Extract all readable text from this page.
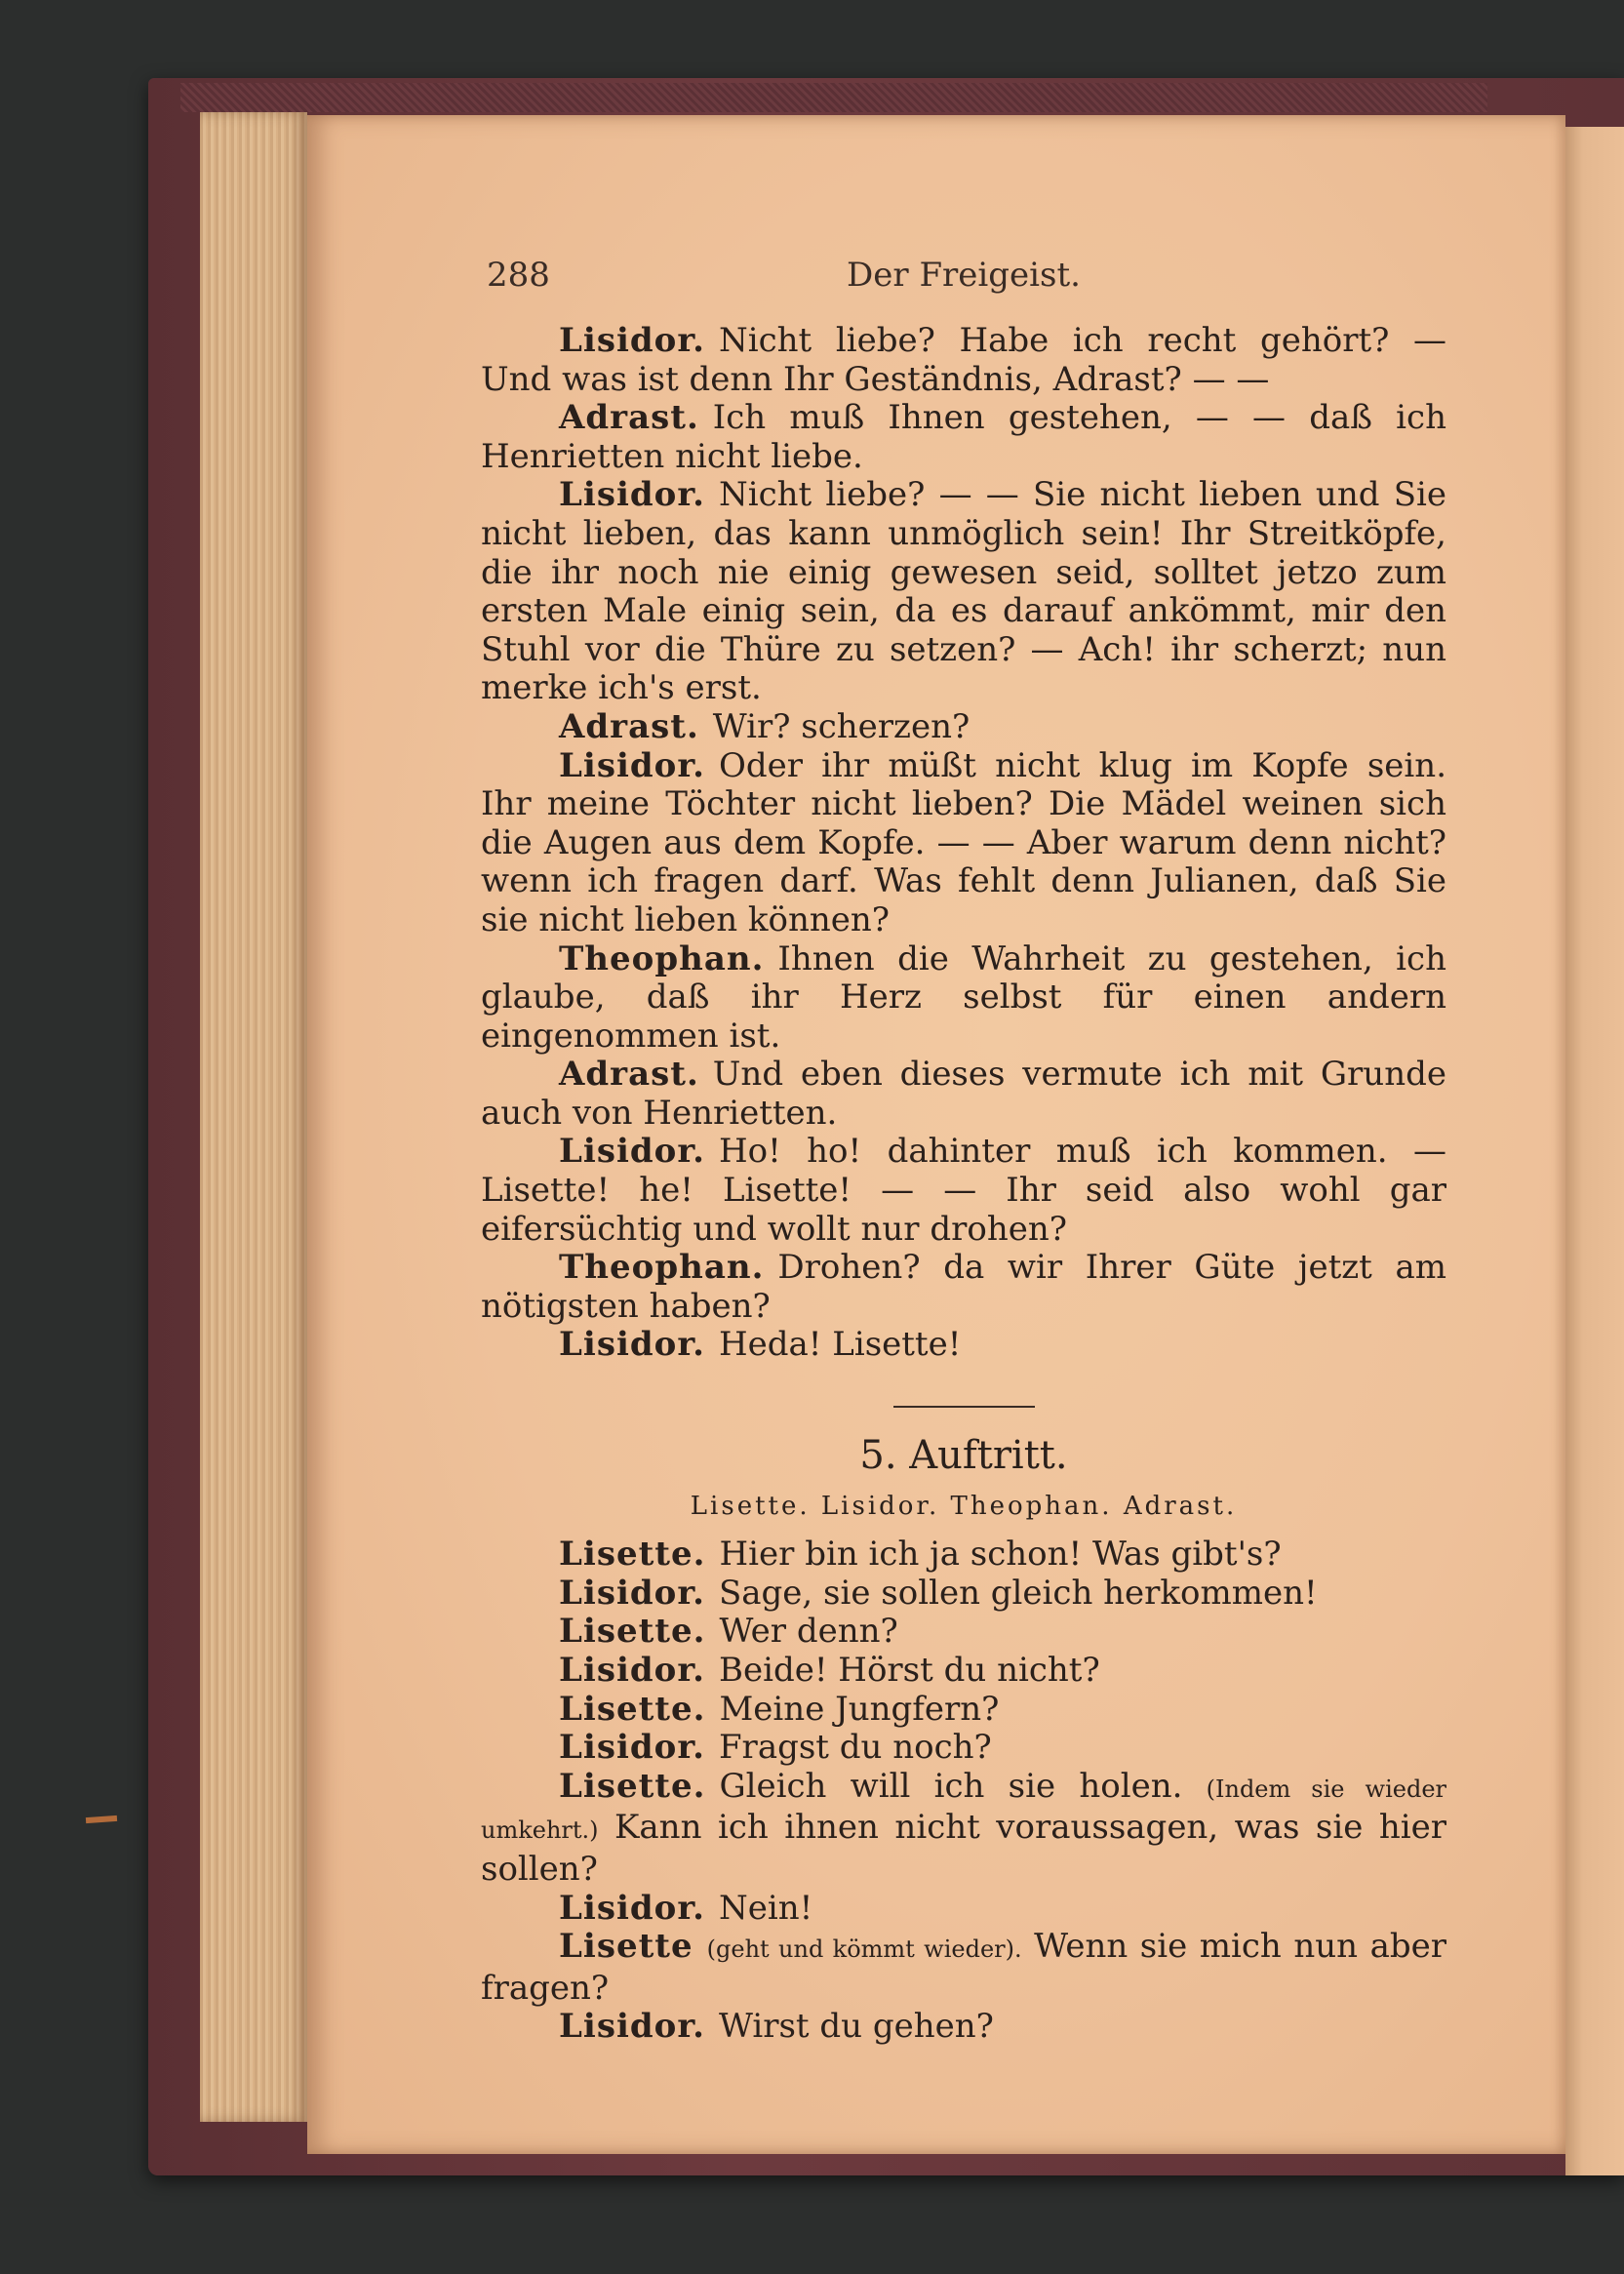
288	Der Freigeist.

Lisidor. Nicht liebe? Habe ich recht gehört? — Und was ist denn Ihr Geständnis, Adrast? — —

Adrast. Ich muß Ihnen gestehen, — — daß ich Henrietten nicht liebe.

Lisidor. Nicht liebe? — — Sie nicht lieben und Sie nicht lieben, das kann unmöglich sein! Ihr Streitköpfe, die ihr noch nie einig gewesen seid, solltet jetzo zum ersten Male einig sein, da es darauf ankömmt, mir den Stuhl vor die Thüre zu setzen? — Ach! ihr scherzt; nun merke ich's erst.

Adrast. Wir? scherzen?

Lisidor. Oder ihr müßt nicht klug im Kopfe sein. Ihr meine Töchter nicht lieben? Die Mädel weinen sich die Augen aus dem Kopfe. — — Aber warum denn nicht? wenn ich fragen darf. Was fehlt denn Julianen, daß Sie sie nicht lieben können?

Theophan. Ihnen die Wahrheit zu gestehen, ich glaube, daß ihr Herz selbst für einen andern eingenommen ist.

Adrast. Und eben dieses vermute ich mit Grunde auch von Henrietten.

Lisidor. Ho! ho! dahinter muß ich kommen. — Lisette! he! Lisette! — — Ihr seid also wohl gar eifersüchtig und wollt nur drohen?

Theophan. Drohen? da wir Ihrer Güte jetzt am nötigsten haben?

Lisidor. Heda! Lisette!

5. Auftritt.
Lisette. Lisidor. Theophan. Adrast.

Lisette. Hier bin ich ja schon! Was gibt's?

Lisidor. Sage, sie sollen gleich herkommen!

Lisette. Wer denn?

Lisidor. Beide! Hörst du nicht?

Lisette. Meine Jungfern?

Lisidor. Fragst du noch?

Lisette. Gleich will ich sie holen. (Indem sie wieder umkehrt.) Kann ich ihnen nicht voraussagen, was sie hier sollen?

Lisidor. Nein!

Lisette (geht und kömmt wieder). Wenn sie mich nun aber fragen?

Lisidor. Wirst du gehen?
